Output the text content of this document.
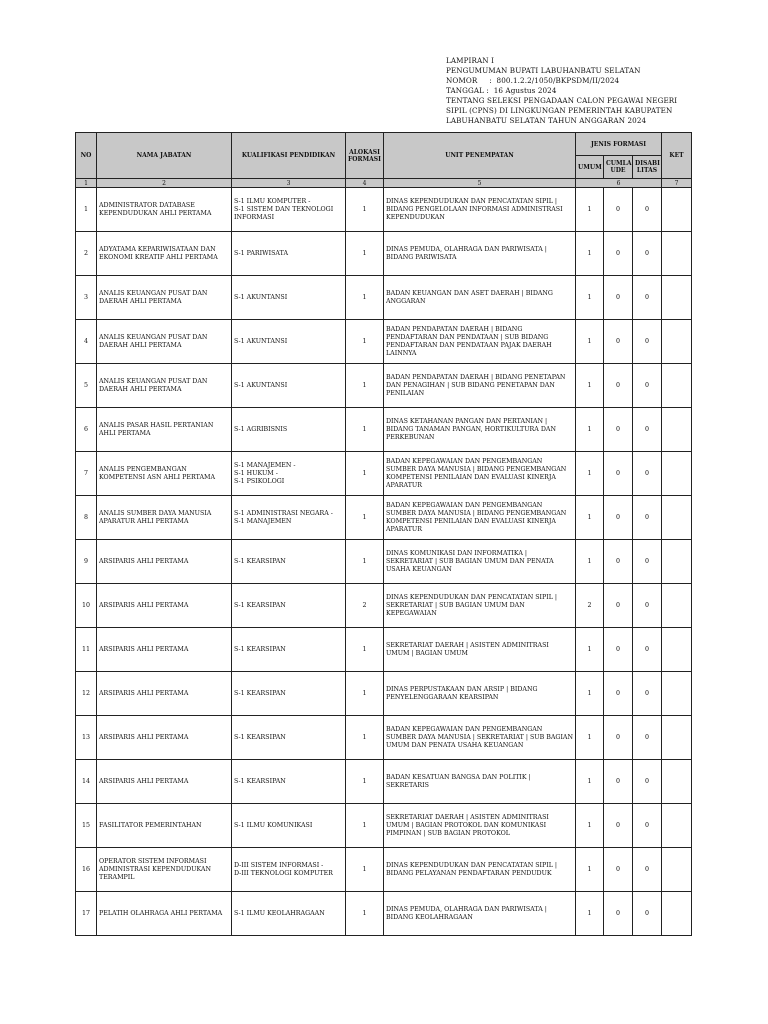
LAMPIRAN I
PENGUMUMAN BUPATI LABUHANBATU SELATAN
NOMOR     :  800.1.2.2/1050/BKPSDM/II/2024
TANGGAL :  16 Agustus 2024
TENTANG SELEKSI PENGADAAN CALON PEGAWAI NEGERI
SIPIL (CPNS) DI LINGKUNGAN PEMERINTAH KABUPATEN
LABUHANBATU SELATAN TAHUN ANGGARAN 2024
NO	NAMA JABATAN	KUALIFIKASI PENDIDIKAN	ALOKASI FORMASI	UNIT PENEMPATAN	JENIS FORMASI			KET
					UMUM	CUMLA UDE	DISABI LITAS	
1	2	3	4	5	6			7
1	ADMINISTRATOR DATABASE KEPENDUDUKAN AHLI PERTAMA	S-1 ILMU KOMPUTER -
S-1 SISTEM DAN TEKNOLOGI INFORMASI	1	DINAS KEPENDUDUKAN DAN PENCATATAN SIPIL | BIDANG PENGELOLAAN INFORMASI ADMINISTRASI KEPENDUDUKAN	1	0	0	
2	ADYATAMA KEPARIWISATAAN DAN EKONOMI KREATIF AHLI PERTAMA	S-1 PARIWISATA	1	DINAS PEMUDA, OLAHRAGA DAN PARIWISATA | BIDANG PARIWISATA	1	0	0	
3	ANALIS KEUANGAN PUSAT DAN DAERAH AHLI PERTAMA	S-1 AKUNTANSI	1	BADAN KEUANGAN DAN ASET DAERAH | BIDANG ANGGARAN	1	0	0	
4	ANALIS KEUANGAN PUSAT DAN DAERAH AHLI PERTAMA	S-1 AKUNTANSI	1	BADAN PENDAPATAN DAERAH | BIDANG PENDAFTARAN DAN PENDATAAN | SUB BIDANG PENDAFTARAN DAN PENDATAAN PAJAK DAERAH LAINNYA	1	0	0	
5	ANALIS KEUANGAN PUSAT DAN DAERAH AHLI PERTAMA	S-1 AKUNTANSI	1	BADAN PENDAPATAN DAERAH | BIDANG PENETAPAN DAN PENAGIHAN | SUB BIDANG PENETAPAN DAN PENILAIAN	1	0	0	
6	ANALIS PASAR HASIL PERTANIAN AHLI PERTAMA	S-1 AGRIBISNIS	1	DINAS KETAHANAN PANGAN DAN PERTANIAN | BIDANG TANAMAN PANGAN, HORTIKULTURA DAN PERKEBUNAN	1	0	0	
7	ANALIS PENGEMBANGAN KOMPETENSI ASN AHLI PERTAMA	S-1 MANAJEMEN -
S-1 HUKUM -
S-1 PSIKOLOGI	1	BADAN KEPEGAWAIAN DAN PENGEMBANGAN SUMBER DAYA MANUSIA | BIDANG PENGEMBANGAN KOMPETENSI PENILAIAN DAN EVALUASI KINERJA APARATUR	1	0	0	
8	ANALIS SUMBER DAYA MANUSIA APARATUR AHLI PERTAMA	S-1 ADMINISTRASI NEGARA -
S-1 MANAJEMEN	1	BADAN KEPEGAWAIAN DAN PENGEMBANGAN SUMBER DAYA MANUSIA | BIDANG PENGEMBANGAN KOMPETENSI PENILAIAN DAN EVALUASI KINERJA APARATUR	1	0	0	
9	ARSIPARIS AHLI PERTAMA	S-1 KEARSIPAN	1	DINAS KOMUNIKASI DAN INFORMATIKA | SEKRETARIAT | SUB BAGIAN UMUM DAN PENATA USAHA KEUANGAN	1	0	0	
10	ARSIPARIS AHLI PERTAMA	S-1 KEARSIPAN	2	DINAS KEPENDUDUKAN DAN PENCATATAN SIPIL | SEKRETARIAT | SUB BAGIAN UMUM DAN KEPEGAWAIAN	2	0	0	
11	ARSIPARIS AHLI PERTAMA	S-1 KEARSIPAN	1	SEKRETARIAT DAERAH | ASISTEN ADMINITRASI UMUM | BAGIAN UMUM	1	0	0	
12	ARSIPARIS AHLI PERTAMA	S-1 KEARSIPAN	1	DINAS PERPUSTAKAAN DAN ARSIP | BIDANG PENYELENGGARAAN KEARSIPAN	1	0	0	
13	ARSIPARIS AHLI PERTAMA	S-1 KEARSIPAN	1	BADAN KEPEGAWAIAN DAN PENGEMBANGAN SUMBER DAYA MANUSIA | SEKRETARIAT | SUB BAGIAN UMUM DAN PENATA USAHA KEUANGAN	1	0	0	
14	ARSIPARIS AHLI PERTAMA	S-1 KEARSIPAN	1	BADAN KESATUAN BANGSA DAN POLITIK | SEKRETARIS	1	0	0	
15	FASILITATOR PEMERINTAHAN	S-1 ILMU KOMUNIKASI	1	SEKRETARIAT DAERAH | ASISTEN ADMINITRASI UMUM | BAGIAN PROTOKOL DAN KOMUNIKASI PIMPINAN | SUB BAGIAN PROTOKOL	1	0	0	
16	OPERATOR SISTEM INFORMASI ADMINISTRASI KEPENDUDUKAN TERAMPIL	D-III SISTEM INFORMASI -
D-III TEKNOLOGI KOMPUTER	1	DINAS KEPENDUDUKAN DAN PENCATATAN SIPIL | BIDANG PELAYANAN PENDAFTARAN PENDUDUK	1	0	0	
17	PELATIH OLAHRAGA AHLI PERTAMA	S-1 ILMU KEOLAHRAGAAN	1	DINAS PEMUDA, OLAHRAGA DAN PARIWISATA | BIDANG KEOLAHRAGAAN	1	0	0	
